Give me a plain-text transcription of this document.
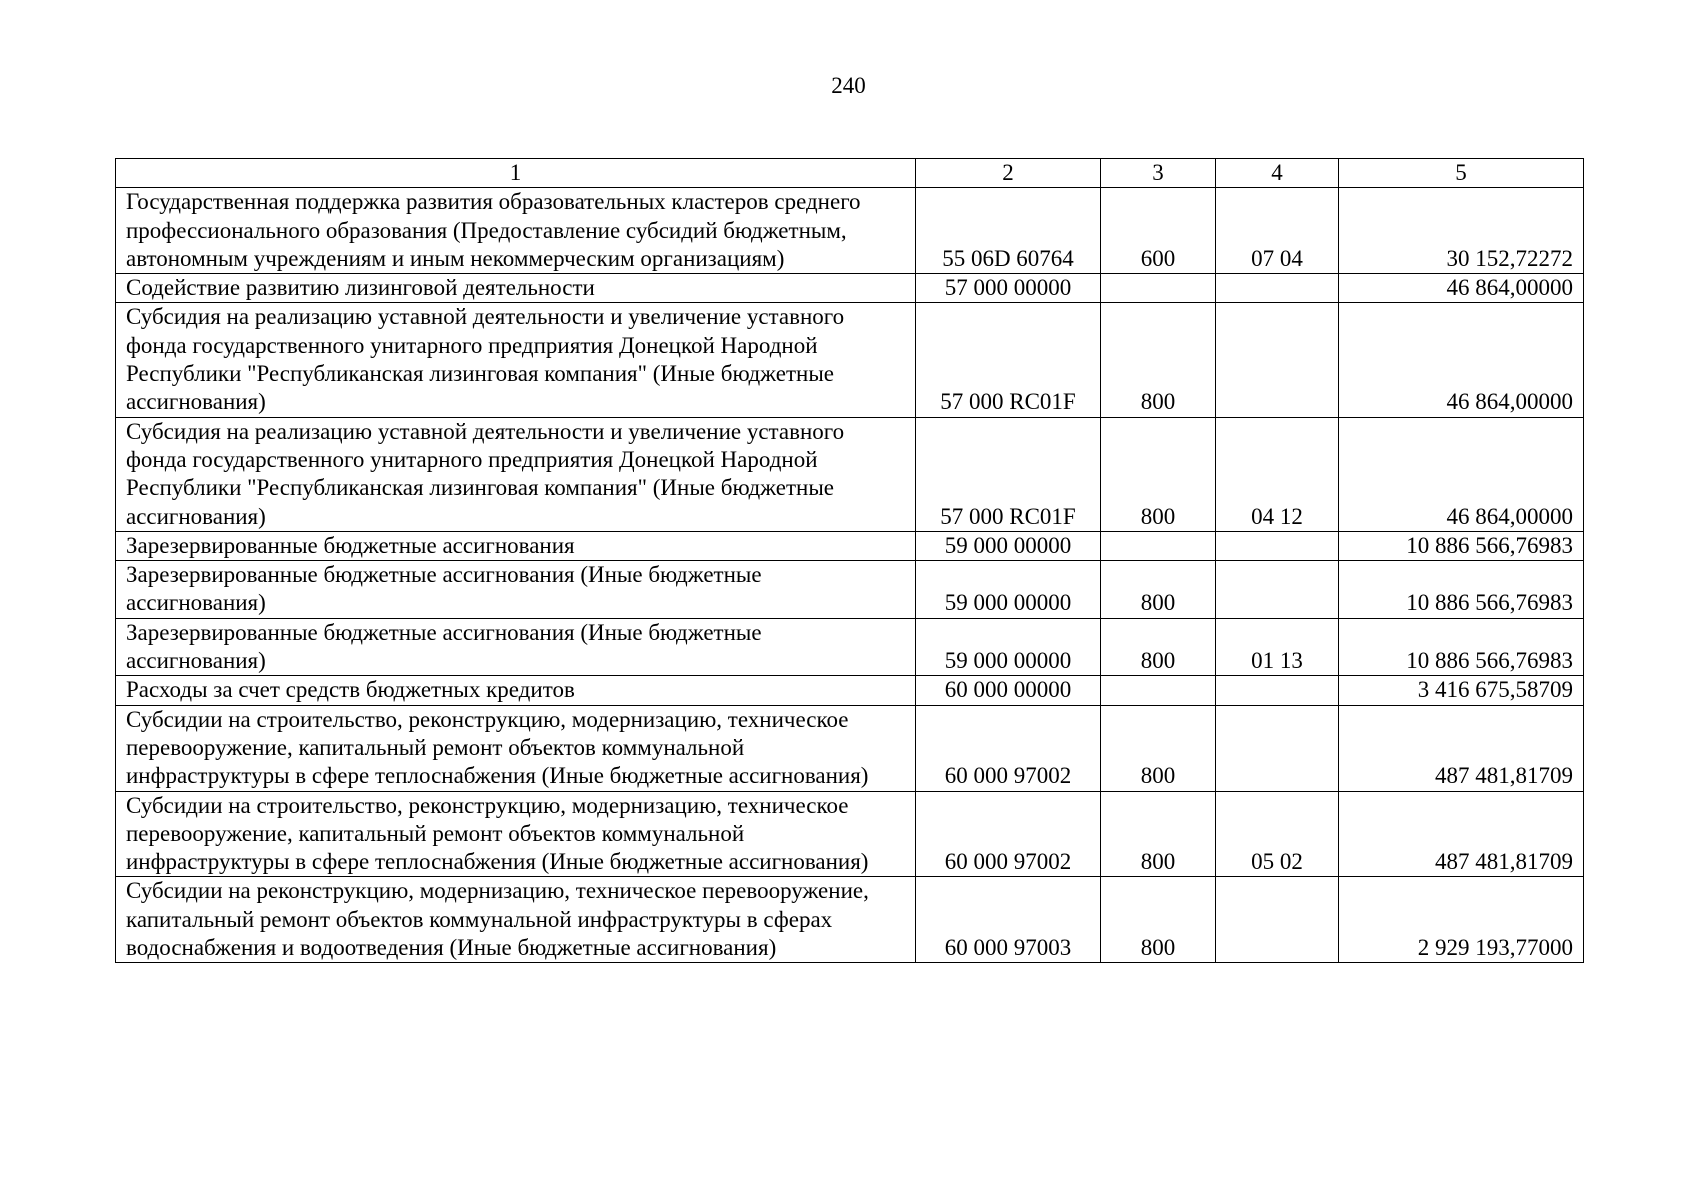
240
1	2	3	4	5
Государственная поддержка развития образовательных кластеров среднего профессионального образования (Предоставление субсидий бюджетным, автономным учреждениям и иным некоммерческим организациям)	55 06D 60764	600	07 04	30 152,72272
Содействие развитию лизинговой деятельности	57 000 00000			46 864,00000
Субсидия на реализацию уставной деятельности и увеличение уставного фонда государственного унитарного предприятия Донецкой Народной Республики "Республиканская лизинговая компания" (Иные бюджетные ассигнования)	57 000 RC01F	800		46 864,00000
Субсидия на реализацию уставной деятельности и увеличение уставного фонда государственного унитарного предприятия Донецкой Народной Республики "Республиканская лизинговая компания" (Иные бюджетные ассигнования)	57 000 RC01F	800	04 12	46 864,00000
Зарезервированные бюджетные ассигнования	59 000 00000			10 886 566,76983
Зарезервированные бюджетные ассигнования (Иные бюджетные ассигнования)	59 000 00000	800		10 886 566,76983
Зарезервированные бюджетные ассигнования (Иные бюджетные ассигнования)	59 000 00000	800	01 13	10 886 566,76983
Расходы за счет средств бюджетных кредитов	60 000 00000			3 416 675,58709
Субсидии на строительство, реконструкцию, модернизацию, техническое перевооружение, капитальный ремонт объектов коммунальной инфраструктуры в сфере теплоснабжения (Иные бюджетные ассигнования)	60 000 97002	800		487 481,81709
Субсидии на строительство, реконструкцию, модернизацию, техническое перевооружение, капитальный ремонт объектов коммунальной инфраструктуры в сфере теплоснабжения (Иные бюджетные ассигнования)	60 000 97002	800	05 02	487 481,81709
Субсидии на реконструкцию, модернизацию, техническое перевооружение, капитальный ремонт объектов коммунальной инфраструктуры в сферах водоснабжения и водоотведения (Иные бюджетные ассигнования)	60 000 97003	800		2 929 193,77000
